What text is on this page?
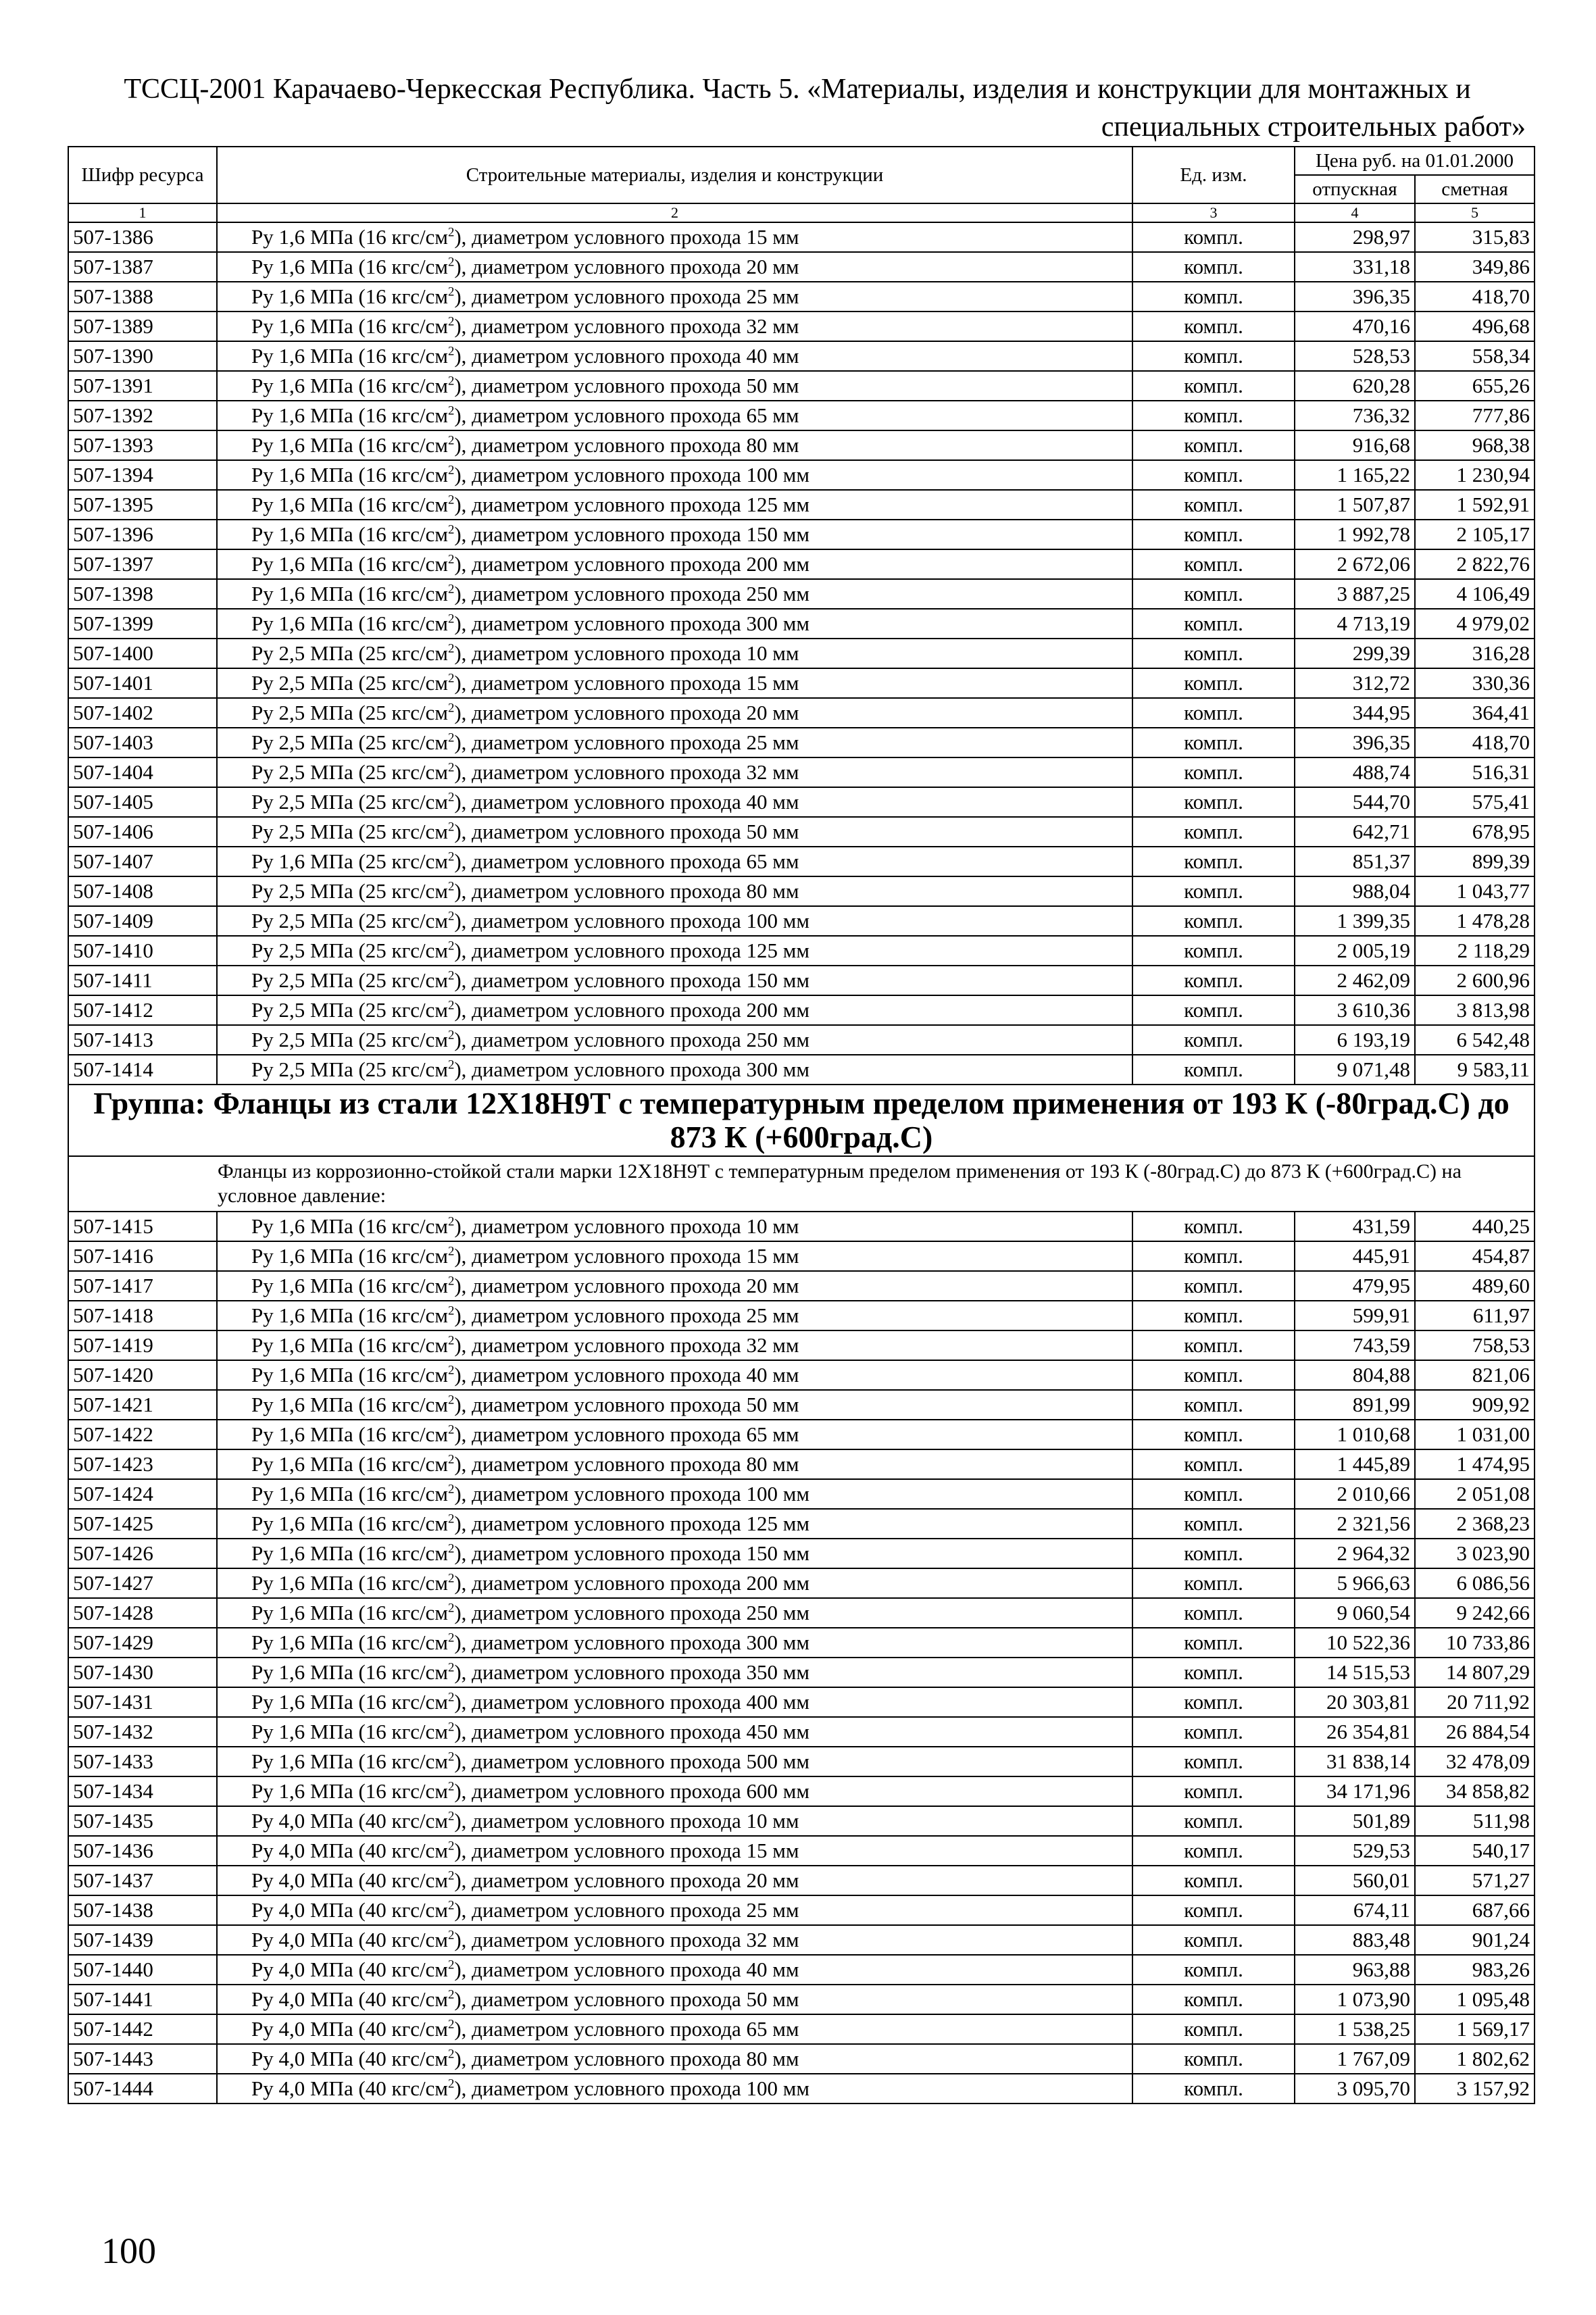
ТССЦ-2001 Карачаево-Черкесская Республика. Часть 5. «Материалы, изделия и конструкции для монтажных и
специальных строительных работ»
Шифр ресурса	Строительные материалы, изделия и конструкции	Ед. изм.	Цена руб. на 01.01.2000	
			отпускная	сметная
1	2	3	4	5
507-1386	Ру 1,6 МПа (16 кгс/$см^2$), диаметром условного прохода 15 мм	компл.	298,97	315,83
507-1387	Ру 1,6 МПа (16 кгс/$см^2$), диаметром условного прохода 20 мм	компл.	331,18	349,86
507-1388	Ру 1,6 МПа (16 кгс/$см^2$), диаметром условного прохода 25 мм	компл.	396,35	418,70
507-1389	Ру 1,6 МПа (16 кгс/$см^2$), диаметром условного прохода 32 мм	компл.	470,16	496,68
507-1390	Ру 1,6 МПа (16 кгс/$см^2$), диаметром условного прохода 40 мм	компл.	528,53	558,34
507-1391	Ру 1,6 МПа (16 кгс/$см^2$), диаметром условного прохода 50 мм	компл.	620,28	655,26
507-1392	Ру 1,6 МПа (16 кгс/$см^2$), диаметром условного прохода 65 мм	компл.	736,32	777,86
507-1393	Ру 1,6 МПа (16 кгс/$см^2$), диаметром условного прохода 80 мм	компл.	916,68	968,38
507-1394	Ру 1,6 МПа (16 кгс/$см^2$), диаметром условного прохода 100 мм	компл.	1 165,22	1 230,94
507-1395	Ру 1,6 МПа (16 кгс/$см^2$), диаметром условного прохода 125 мм	компл.	1 507,87	1 592,91
507-1396	Ру 1,6 МПа (16 кгс/$см^2$), диаметром условного прохода 150 мм	компл.	1 992,78	2 105,17
507-1397	Ру 1,6 МПа (16 кгс/$см^2$), диаметром условного прохода 200 мм	компл.	2 672,06	2 822,76
507-1398	Ру 1,6 МПа (16 кгс/$см^2$), диаметром условного прохода 250 мм	компл.	3 887,25	4 106,49
507-1399	Ру 1,6 МПа (16 кгс/$см^2$), диаметром условного прохода 300 мм	компл.	4 713,19	4 979,02
507-1400	Ру 2,5 МПа (25 кгс/$см^2$), диаметром условного прохода 10 мм	компл.	299,39	316,28
507-1401	Ру 2,5 МПа (25 кгс/$см^2$), диаметром условного прохода 15 мм	компл.	312,72	330,36
507-1402	Ру 2,5 МПа (25 кгс/$см^2$), диаметром условного прохода 20 мм	компл.	344,95	364,41
507-1403	Ру 2,5 МПа (25 кгс/$см^2$), диаметром условного прохода 25 мм	компл.	396,35	418,70
507-1404	Ру 2,5 МПа (25 кгс/$см^2$), диаметром условного прохода 32 мм	компл.	488,74	516,31
507-1405	Ру 2,5 МПа (25 кгс/$см^2$), диаметром условного прохода 40 мм	компл.	544,70	575,41
507-1406	Ру 2,5 МПа (25 кгс/$см^2$), диаметром условного прохода 50 мм	компл.	642,71	678,95
507-1407	Ру 1,6 МПа (25 кгс/$см^2$), диаметром условного прохода 65 мм	компл.	851,37	899,39
507-1408	Ру 2,5 МПа (25 кгс/$см^2$), диаметром условного прохода 80 мм	компл.	988,04	1 043,77
507-1409	Ру 2,5 МПа (25 кгс/$см^2$), диаметром условного прохода 100 мм	компл.	1 399,35	1 478,28
507-1410	Ру 2,5 МПа (25 кгс/$см^2$), диаметром условного прохода 125 мм	компл.	2 005,19	2 118,29
507-1411	Ру 2,5 МПа (25 кгс/$см^2$), диаметром условного прохода 150 мм	компл.	2 462,09	2 600,96
507-1412	Ру 2,5 МПа (25 кгс/$см^2$), диаметром условного прохода 200 мм	компл.	3 610,36	3 813,98
507-1413	Ру 2,5 МПа (25 кгс/$см^2$), диаметром условного прохода 250 мм	компл.	6 193,19	6 542,48
507-1414	Ру 2,5 МПа (25 кгс/$см^2$), диаметром условного прохода 300 мм	компл.	9 071,48	9 583,11
Группа: Фланцы из стали 12Х18Н9Т с температурным пределом применения от 193 К (-80град.С) до 873 К (+600град.С)				
Фланцы из коррозионно-стойкой стали марки 12Х18Н9Т с температурным пределом применения от 193 К (-80град.С) до 873 К (+600град.С) на условное давление:				
507-1415	Ру 1,6 МПа (16 кгс/$см^2$), диаметром условного прохода 10 мм	компл.	431,59	440,25
507-1416	Ру 1,6 МПа (16 кгс/$см^2$), диаметром условного прохода 15 мм	компл.	445,91	454,87
507-1417	Ру 1,6 МПа (16 кгс/$см^2$), диаметром условного прохода 20 мм	компл.	479,95	489,60
507-1418	Ру 1,6 МПа (16 кгс/$см^2$), диаметром условного прохода 25 мм	компл.	599,91	611,97
507-1419	Ру 1,6 МПа (16 кгс/$см^2$), диаметром условного прохода 32 мм	компл.	743,59	758,53
507-1420	Ру 1,6 МПа (16 кгс/$см^2$), диаметром условного прохода 40 мм	компл.	804,88	821,06
507-1421	Ру 1,6 МПа (16 кгс/$см^2$), диаметром условного прохода 50 мм	компл.	891,99	909,92
507-1422	Ру 1,6 МПа (16 кгс/$см^2$), диаметром условного прохода 65 мм	компл.	1 010,68	1 031,00
507-1423	Ру 1,6 МПа (16 кгс/$см^2$), диаметром условного прохода 80 мм	компл.	1 445,89	1 474,95
507-1424	Ру 1,6 МПа (16 кгс/$см^2$), диаметром условного прохода 100 мм	компл.	2 010,66	2 051,08
507-1425	Ру 1,6 МПа (16 кгс/$см^2$), диаметром условного прохода 125 мм	компл.	2 321,56	2 368,23
507-1426	Ру 1,6 МПа (16 кгс/$см^2$), диаметром условного прохода 150 мм	компл.	2 964,32	3 023,90
507-1427	Ру 1,6 МПа (16 кгс/$см^2$), диаметром условного прохода 200 мм	компл.	5 966,63	6 086,56
507-1428	Ру 1,6 МПа (16 кгс/$см^2$), диаметром условного прохода 250 мм	компл.	9 060,54	9 242,66
507-1429	Ру 1,6 МПа (16 кгс/$см^2$), диаметром условного прохода 300 мм	компл.	10 522,36	10 733,86
507-1430	Ру 1,6 МПа (16 кгс/$см^2$), диаметром условного прохода 350 мм	компл.	14 515,53	14 807,29
507-1431	Ру 1,6 МПа (16 кгс/$см^2$), диаметром условного прохода 400 мм	компл.	20 303,81	20 711,92
507-1432	Ру 1,6 МПа (16 кгс/$см^2$), диаметром условного прохода 450 мм	компл.	26 354,81	26 884,54
507-1433	Ру 1,6 МПа (16 кгс/$см^2$), диаметром условного прохода 500 мм	компл.	31 838,14	32 478,09
507-1434	Ру 1,6 МПа (16 кгс/$см^2$), диаметром условного прохода 600 мм	компл.	34 171,96	34 858,82
507-1435	Ру 4,0 МПа (40 кгс/$см^2$), диаметром условного прохода 10 мм	компл.	501,89	511,98
507-1436	Ру 4,0 МПа (40 кгс/$см^2$), диаметром условного прохода 15 мм	компл.	529,53	540,17
507-1437	Ру 4,0 МПа (40 кгс/$см^2$), диаметром условного прохода 20 мм	компл.	560,01	571,27
507-1438	Ру 4,0 МПа (40 кгс/$см^2$), диаметром условного прохода 25 мм	компл.	674,11	687,66
507-1439	Ру 4,0 МПа (40 кгс/$см^2$), диаметром условного прохода 32 мм	компл.	883,48	901,24
507-1440	Ру 4,0 МПа (40 кгс/$см^2$), диаметром условного прохода 40 мм	компл.	963,88	983,26
507-1441	Ру 4,0 МПа (40 кгс/$см^2$), диаметром условного прохода 50 мм	компл.	1 073,90	1 095,48
507-1442	Ру 4,0 МПа (40 кгс/$см^2$), диаметром условного прохода 65 мм	компл.	1 538,25	1 569,17
507-1443	Ру 4,0 МПа (40 кгс/$см^2$), диаметром условного прохода 80 мм	компл.	1 767,09	1 802,62
507-1444	Ру 4,0 МПа (40 кгс/$см^2$), диаметром условного прохода 100 мм	компл.	3 095,70	3 157,92
100
